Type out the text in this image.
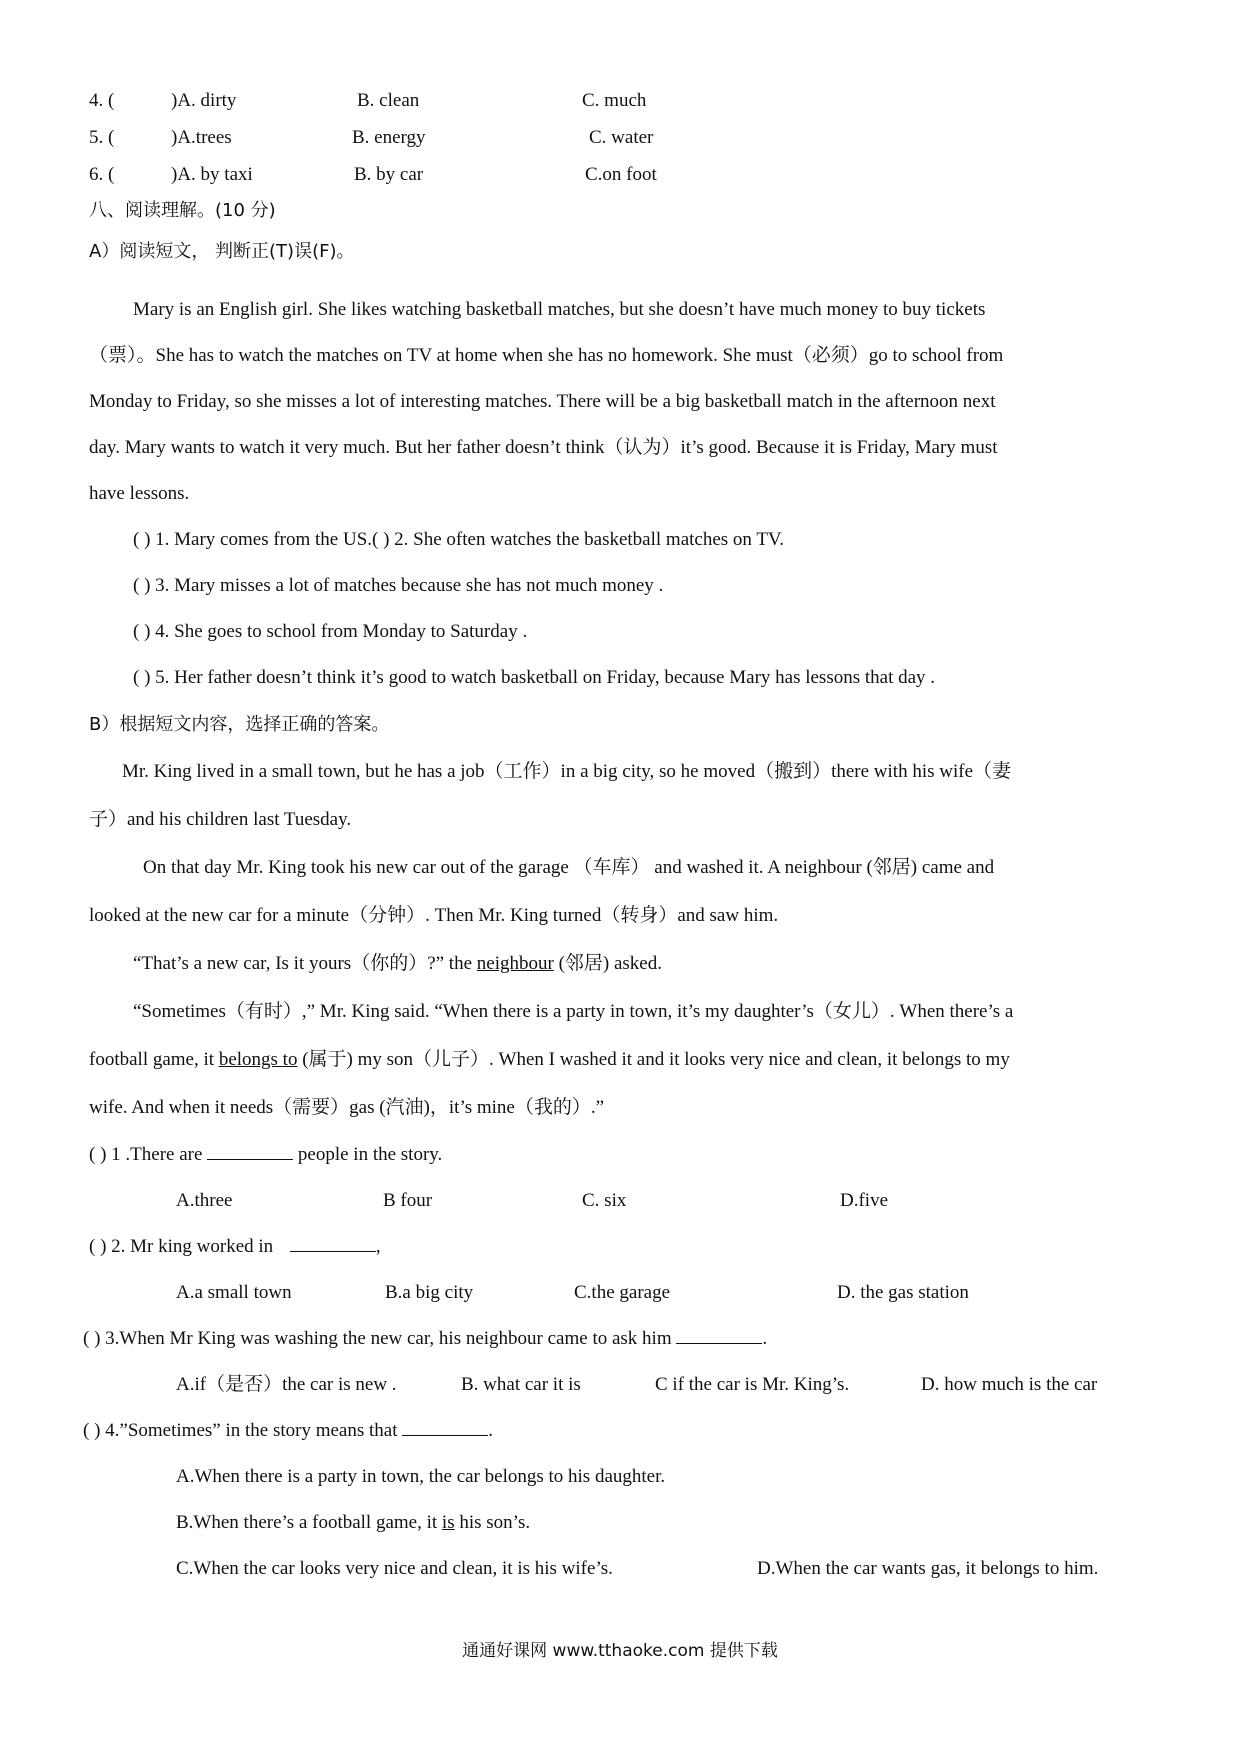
4. (	)A. dirty	B. clean	C. much
5. (	)A.trees	B. energy	C. water
6. (	)A. by taxi	B. by car	C.on foot
八、阅读理解。(10 分)
A）阅读短文， 判断正(T)误(F)。
Mary is an English girl. She likes watching basketball matches, but she doesn’t have much money to buy tickets
（票）。She has to watch the matches on TV at home when she has no homework. She must（必须）go to school from
Monday to Friday, so she misses a lot of interesting matches. There will be a big basketball match in the afternoon next
day. Mary wants to watch it very much. But her father doesn’t think（认为）it’s good. Because it is Friday, Mary must
have lessons.
( ) 1. Mary comes from the US.( ) 2. She often watches the basketball matches on TV.
( ) 3. Mary misses a lot of matches because she has not much money .
( ) 4. She goes to school from Monday to Saturday .
( ) 5. Her father doesn’t think it’s good to watch basketball on Friday, because Mary has lessons that day .
B）根据短文内容，选择正确的答案。
Mr. King lived in a small town, but he has a job（工作）in a big city, so he moved（搬到）there with his wife（妻
子）and his children last Tuesday.
On that day Mr. King took his new car out of the garage （车库） and washed it. A neighbour (邻居) came and
looked at the new car for a minute（分钟）. Then Mr. King turned（转身）and saw him.
“That’s a new car, Is it yours（你的）?” the neighbour (邻居) asked.
“Sometimes（有时）,” Mr. King said. “When there is a party in town, it’s my daughter’s（女儿）. When there’s a
football game, it belongs to (属于) my son（儿子）. When I washed it and it looks very nice and clean, it belongs to my
wife. And when it needs（需要）gas (汽油)，it’s mine（我的）.”
( ) 1 .There are	people in the story.
A.three	B four	C. six	D.five
( ) 2. Mr king worked in	,
A.a small town	B.a big city	C.the garage	D. the gas station
( ) 3.When Mr King was washing the new car, his neighbour came to ask him	.
A.if（是否）the car is new .	B. what car it is	C if the car is Mr. King’s.	D. how much is the car
( ) 4.”Sometimes” in the story means that	.
A.When there is a party in town, the car belongs to his daughter.
B.When there’s a football game, it is his son’s.
C.When the car looks very nice and clean, it is his wife’s.	D.When the car wants gas, it belongs to him.
通通好课网 www.tthaoke.com 提供下载
